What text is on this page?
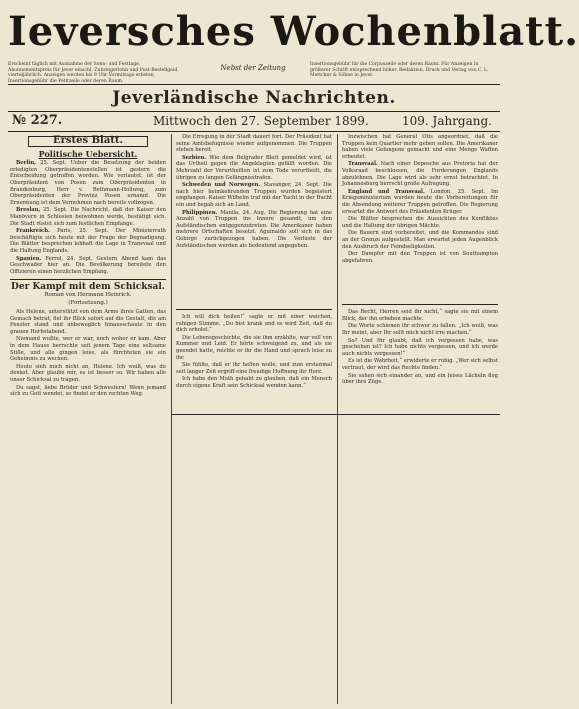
Ieversches Wochenblatt.
Erscheint täglich mit Ausnahme der Sonn- und Festtage. Abonnementspreis für Jever einschl. Zubringerlohn und Post-Bestellgeld vierteljährlich. Anzeigen werden bis 9 Uhr Vormittags erbeten, Insertionsgebühr die Petitzeile oder deren Raum.
Nebst der Zeitung	Insertionsgebühr für die Corpuszeile oder deren Raum. Für Anzeigen in größerer Schrift entsprechend höher. Redaktion, Druck und Verlag von C. L. Mettcker & Söhne in Jever.
Jeverländische Nachrichten.
№ 227.	Mittwoch den 27. September 1899.	109. Jahrgang.
Erstes Blatt.
Politische Uebersicht.

Berlin, 25. Sept. Ueber die Besetzung der beiden erledigten Oberpräsidentenstellen ist gestern die Entscheidung getroffen worden. Wie verlautet, ist der Oberpräsident von Posen zum Oberpräsidenten in Brandenburg, Herr v. Bethmann-Hollweg, zum Oberpräsidenten der Provinz Posen ernannt. Die Ernennung ist dem Vernehmen nach bereits vollzogen.

Breslau, 25. Sept. Die Nachricht, daß der Kaiser den Manövern in Schlesien beiwohnen werde, bestätigt sich. Die Stadt rüstet sich zum festlichen Empfange.

Frankreich. Paris, 25. Sept. Der Ministerrath beschäftigte sich heute mit der Frage der Begnadigung. Die Blätter besprechen lebhaft die Lage in Transvaal und die Haltung Englands.

Spanien. Ferrol, 24. Sept. Gestern Abend kam das Geschwader hier an. Die Bevölkerung bereitete den Offizieren einen herzlichen Empfang.

Der Kampf mit dem Schicksal.
Roman von Hermann Heinrich.
(Fortsetzung.)

Als Helene, unterstützt von dem Arme ihres Gatten, das Gemach betrat, fiel ihr Blick sofort auf die Gestalt, die am Fenster stand und unbeweglich hinausschaute in den grauen Herbstabend.

Niemand wußte, wer er war, noch woher er kam. Aber in dem Hause herrschte seit jenem Tage eine seltsame Stille, und alle gingen leise, als fürchteten sie ein Geheimnis zu wecken.

Heute sieh mich nicht an, Helene. Ich weiß, was du denkst. Aber glaube mir, es ist besser so. Wir haben alle unser Schicksal zu tragen.

Du sagst, liebe Brüder und Schwestern! Wenn jemand sich zu Gott wendet, so findet er den rechten Weg.

Die Erregung in der Stadt dauert fort. Der Präsident hat seine Amtsbefugnisse wieder aufgenommen. Die Truppen stehen bereit.

Serbien. Wie dem Belgrader Blatt gemeldet wird, ist das Urtheil gegen die Angeklagten gefällt worden. Die Mehrzahl der Verurtheilten ist zum Tode verurtheilt, die übrigen zu langen Gefängnisstrafen.

Schweden und Norwegen. Stavanger, 24. Sept. Die nach hier heimkehrenden Truppen wurden begeistert empfangen. Kaiser Wilhelm traf mit der Yacht in der Bucht ein und begab sich an Land.

Philippinen. Manila, 24. Aug. Die Regierung hat eine Anzahl von Truppen ins Innere gesandt, um den Aufständischen entgegenzutreten. Die Amerikaner haben mehrere Ortschaften besetzt. Aguinaldo soll sich in das Gebirge zurückgezogen haben. Die Verluste der Aufständischen werden als bedeutend angegeben.

Ich will dich heilen!“ sagte er mit einer weichen, ruhigen Stimme. „Du bist krank und es wird Zeit, daß du dich erholst.“

Die Lebensgeschichte, die sie ihm erzählte, war voll von Kummer und Leid. Er hörte schweigend zu, und als sie geendet hatte, reichte er ihr die Hand und sprach leise zu ihr.

Sie fühlte, daß er ihr helfen wolle, und zum erstenmal seit langer Zeit ergriff eine freudige Hoffnung ihr Herz.

Ich habe den Muth gehabt zu glauben, daß ein Mensch durch eigene Kraft sein Schicksal wenden kann.“

Inzwischen hat General Otis angeordnet, daß die Truppen kein Quartier mehr geben sollen. Die Amerikaner haben viele Gefangene gemacht und eine Menge Waffen erbeutet.

Transvaal. Nach einer Depesche aus Pretoria hat der Volksraad beschlossen, die Forderungen Englands abzulehnen. Die Lage wird als sehr ernst betrachtet. In Johannesburg herrscht große Aufregung.

England und Transvaal. London, 25. Sept. Im Kriegsministerium wurden heute die Vorbereitungen für die Absendung weiterer Truppen getroffen. Die Regierung erwartet die Antwort des Präsidenten Krüger.

Die Blätter besprechen die Aussichten des Konfliktes und die Haltung der übrigen Mächte.

Die Bauern sind vorbereitet, und die Kommandos sind an der Grenze aufgestellt. Man erwartet jeden Augenblick den Ausbruch der Feindseligkeiten.

Der Dampfer mit den Truppen ist von Southampton abgefahren.

Das Recht, Herren seid ihr nicht,“ sagte sie mit einem Blick, der ihn erbeben machte.

Die Worte schienen ihr schwer zu fallen. „Ich weiß, was Ihr meint, aber Ihr sollt mich nicht irre machen.“

So? Und Ihr glaubt, daß ich vergessen habe, was geschehen ist? Ich habe nichts vergessen, und ich werde auch nichts vergessen!“

Es ist die Wahrheit,“ erwiderte er ruhig. „Wer sich selbst vertraut, der wird das Rechte finden.“

Sie sahen sich einander an, und ein leises Lächeln flog über ihre Züge.
